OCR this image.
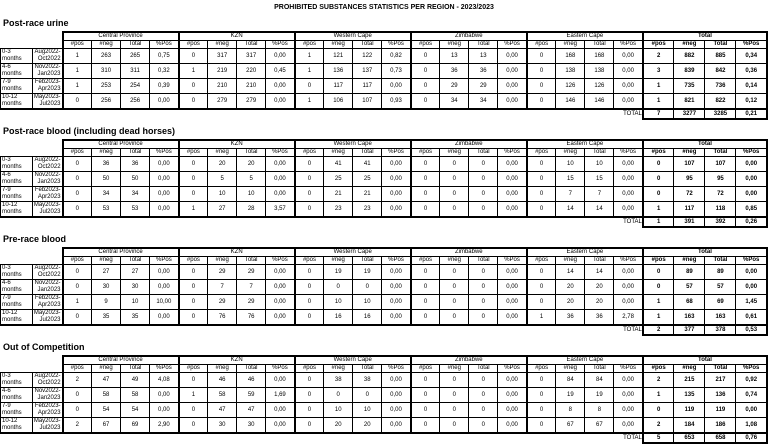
PROHIBITED SUBSTANCES STATISTICS PER REGION - 2023/2023
Post-race urine
		Central Province				KZN				Western Cape				Zimbabwe				Eastern Cape				Total			
		#pos	#neg	Total	%Pos	#pos	#neg	Total	%Pos	#pos	#neg	Total	%Pos	#pos	#neg	Total	%Pos	#pos	#neg	Total	%Pos	#pos	#neg	Total	%Pos

0-3
months	Aug2022-
Oct2022	1	263	265	0,75	0	317	317	0,00	1	121	122	0,82	0	13	13	0,00	0	168	168	0,00	2	882	885	0,34

4-6
months	Nov2022-
Jan2023	1	310	311	0,32	1	219	220	0,45	1	136	137	0,73	0	36	36	0,00	0	138	138	0,00	3	839	842	0,36

7-9
months	Feb2023-
Apr2023	1	253	254	0,39	0	210	210	0,00	0	117	117	0,00	0	29	29	0,00	0	126	126	0,00	1	735	736	0,14

10-12
months	May2023-
Jul2023	0	256	256	0,00	0	279	279	0,00	1	106	107	0,93	0	34	34	0,00	0	146	146	0,00	1	821	822	0,12
TOTAL																						7	3277	3285	0,21
Post-race blood (including dead horses)
		Central Province				KZN				Western Cape				Zimbabwe				Eastern Cape				Total			
		#pos	#neg	Total	%Pos	#pos	#neg	Total	%Pos	#pos	#neg	Total	%Pos	#pos	#neg	Total	%Pos	#pos	#neg	Total	%Pos	#pos	#neg	Total	%Pos

0-3
months	Aug2022-
Oct2022	0	36	36	0,00	0	20	20	0,00	0	41	41	0,00	0	0	0	0,00	0	10	10	0,00	0	107	107	0,00

4-6
months	Nov2022-
Jan2023	0	50	50	0,00	0	5	5	0,00	0	25	25	0,00	0	0	0	0,00	0	15	15	0,00	0	95	95	0,00

7-9
months	Feb2023-
Apr2023	0	34	34	0,00	0	10	10	0,00	0	21	21	0,00	0	0	0	0,00	0	7	7	0,00	0	72	72	0,00

10-12
months	May2023-
Jul2023	0	53	53	0,00	1	27	28	3,57	0	23	23	0,00	0	0	0	0,00	0	14	14	0,00	1	117	118	0,85
TOTAL																						1	391	392	0,26
Pre-race blood
		Central Province				KZN				Western Cape				Zimbabwe				Eastern Cape				Total			
		#pos	#neg	Total	%Pos	#pos	#neg	Total	%Pos	#pos	#neg	Total	%Pos	#pos	#neg	Total	%Pos	#pos	#neg	Total	%Pos	#pos	#neg	Total	%Pos

0-3
months	Aug2022-
Oct2022	0	27	27	0,00	0	29	29	0,00	0	19	19	0,00	0	0	0	0,00	0	14	14	0,00	0	89	89	0,00

4-6
months	Nov2022-
Jan2023	0	30	30	0,00	0	7	7	0,00	0	0	0	0,00	0	0	0	0,00	0	20	20	0,00	0	57	57	0,00

7-9
months	Feb2023-
Apr2023	1	9	10	10,00	0	29	29	0,00	0	10	10	0,00	0	0	0	0,00	0	20	20	0,00	1	68	69	1,45

10-12
months	May2023-
Jul2023	0	35	35	0,00	0	76	76	0,00	0	16	16	0,00	0	0	0	0,00	1	36	36	2,78	1	163	163	0,61
TOTAL																						2	377	378	0,53
Out of Competition
		Central Province				KZN				Western Cape				Zimbabwe				Eastern Cape				Total			
		#pos	#neg	Total	%Pos	#pos	#neg	Total	%Pos	#pos	#neg	Total	%Pos	#pos	#neg	Total	%Pos	#pos	#neg	Total	%Pos	#pos	#neg	Total	%Pos

0-3
months	Aug2022-
Oct2022	2	47	49	4,08	0	46	46	0,00	0	38	38	0,00	0	0	0	0,00	0	84	84	0,00	2	215	217	0,92

4-6
months	Nov2022-
Jan2023	0	58	58	0,00	1	58	59	1,69	0	0	0	0,00	0	0	0	0,00	0	19	19	0,00	1	135	136	0,74

7-9
months	Feb2023-
Apr2023	0	54	54	0,00	0	47	47	0,00	0	10	10	0,00	0	0	0	0,00	0	8	8	0,00	0	119	119	0,00

10-12
months	May2023-
Jul2023	2	67	69	2,90	0	30	30	0,00	0	20	20	0,00	0	0	0	0,00	0	67	67	0,00	2	184	186	1,08
TOTAL																						5	653	658	0,76
